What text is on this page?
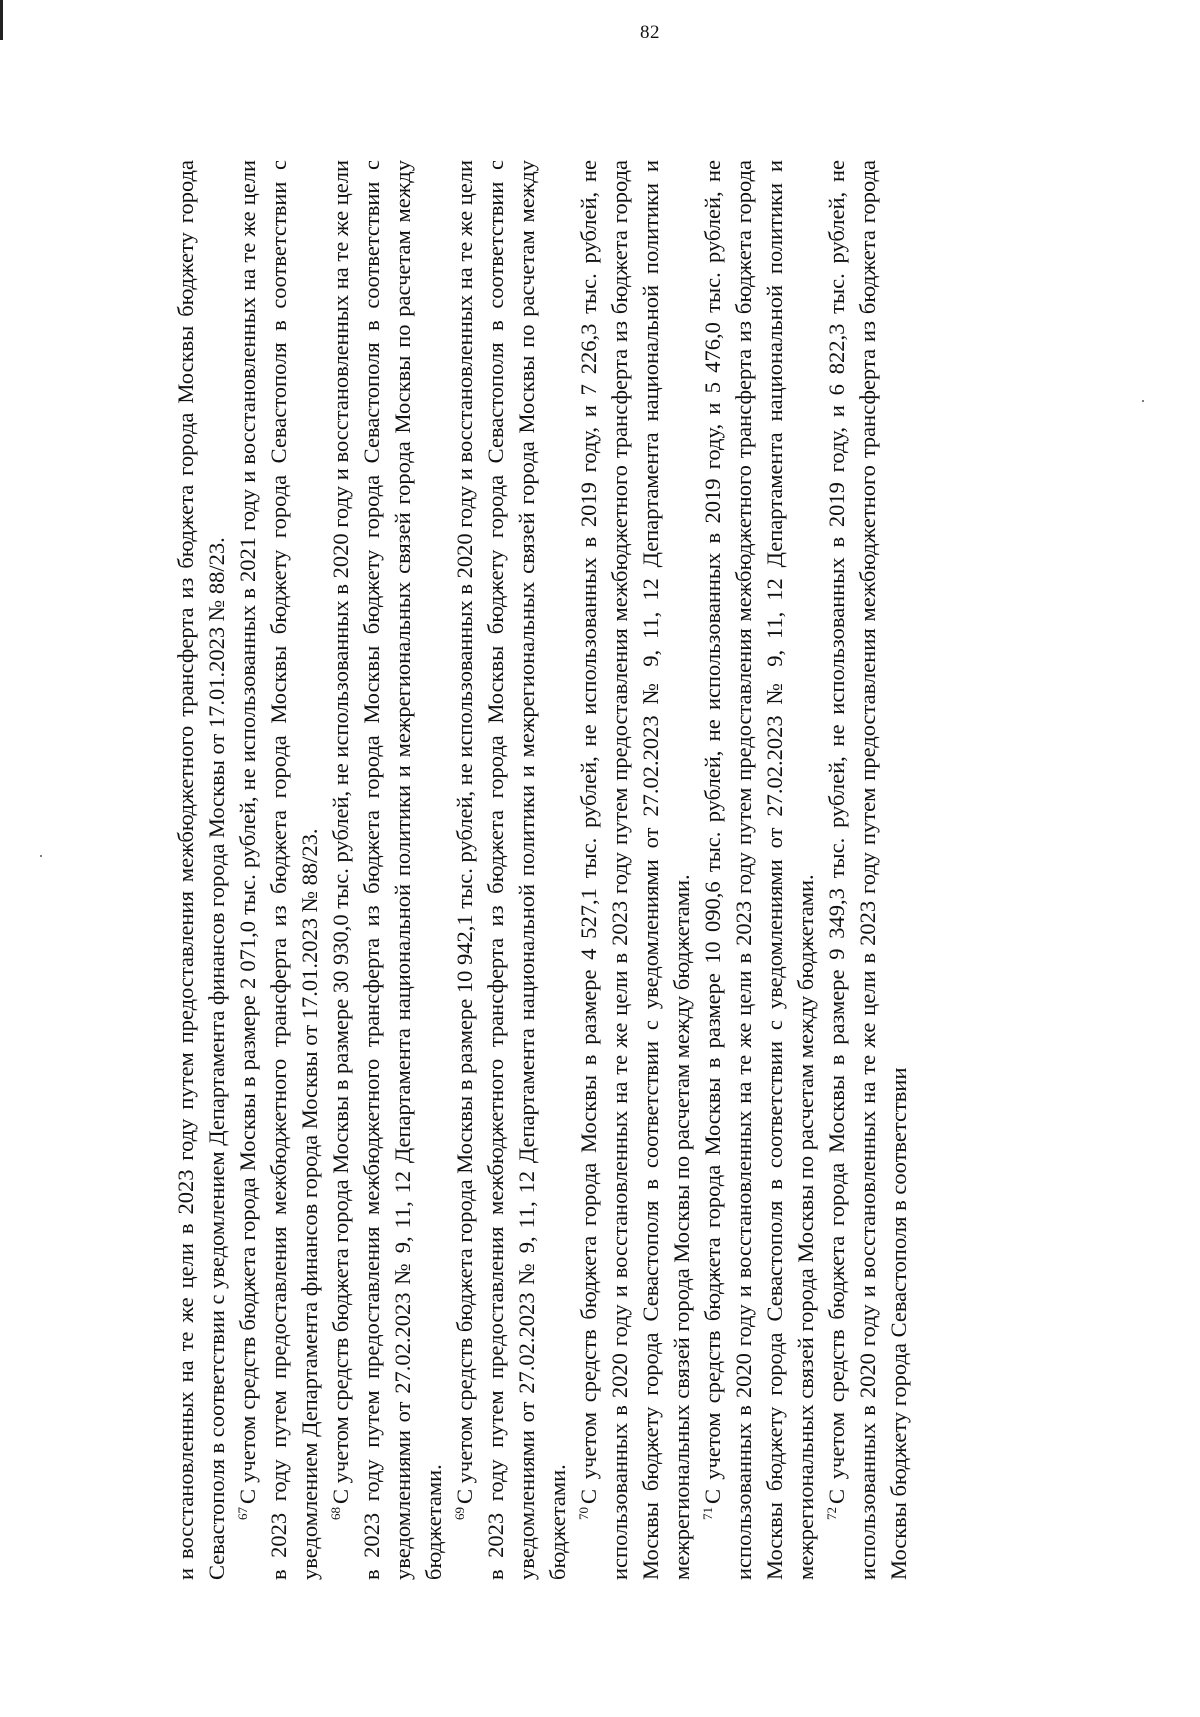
82

и восстановленных на те же цели в 2023 году путем предоставления межбюджетного трансферта из бюджета города Москвы бюджету города Севастополя в соответствии с уведомлением Департамента финансов города Москвы от 17.01.2023 № 88/23. $^{67}$С учетом средств бюджета города Москвы в размере 2 071,0 тыс. рублей, не использованных в 2021 году и восстановленных на те же цели в 2023 году путем предоставления межбюджетного трансферта из бюджета города Москвы бюджету города Севастополя в соответствии с уведомлением Департамента финансов города Москвы от 17.01.2023 № 88/23. $^{68}$С учетом средств бюджета города Москвы в размере 30 930,0 тыс. рублей, не использованных в 2020 году и восстановленных на те же цели в 2023 году путем предоставления межбюджетного трансферта из бюджета города Москвы бюджету города Севастополя в соответствии с уведомлениями от 27.02.2023 № 9, 11, 12 Департамента национальной политики и межрегиональных связей города Москвы по расчетам между бюджетами. $^{69}$С учетом средств бюджета города Москвы в размере 10 942,1 тыс. рублей, не использованных в 2020 году и восстановленных на те же цели в 2023 году путем предоставления межбюджетного трансферта из бюджета города Москвы бюджету города Севастополя в соответствии с уведомлениями от 27.02.2023 № 9, 11, 12 Департамента национальной политики и межрегиональных связей города Москвы по расчетам между бюджетами. $^{70}$С учетом средств бюджета города Москвы в размере 4 527,1 тыс. рублей, не использованных в 2019 году, и 7 226,3 тыс. рублей, не использованных в 2020 году и восстановленных на те же цели в 2023 году путем предоставления межбюджетного трансферта из бюджета города Москвы бюджету города Севастополя в соответствии с уведомлениями от 27.02.2023 № 9, 11, 12 Департамента национальной политики и межрегиональных связей города Москвы по расчетам между бюджетами. $^{71}$С учетом средств бюджета города Москвы в размере 10 090,6 тыс. рублей, не использованных в 2019 году, и 5 476,0 тыс. рублей, не использованных в 2020 году и восстановленных на те же цели в 2023 году путем предоставления межбюджетного трансферта из бюджета города Москвы бюджету города Севастополя в соответствии с уведомлениями от 27.02.2023 № 9, 11, 12 Департамента национальной политики и межрегиональных связей города Москвы по расчетам между бюджетами. $^{72}$С учетом средств бюджета города Москвы в размере 9 349,3 тыс. рублей, не использованных в 2019 году, и 6 822,3 тыс. рублей, не использованных в 2020 году и восстановленных на те же цели в 2023 году путем предоставления межбюджетного трансферта из бюджета города Москвы бюджету города Севастополя в соответствии
